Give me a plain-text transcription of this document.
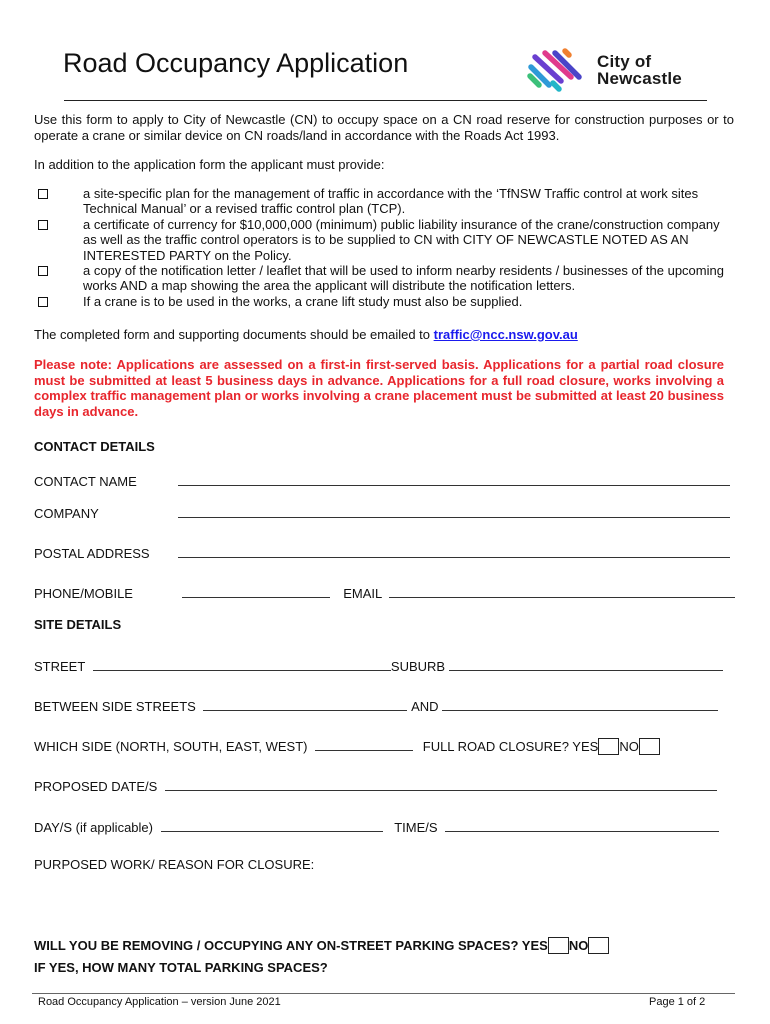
Road Occupancy Application	City of
Newcastle
Use this form to apply to City of Newcastle (CN) to occupy space on a CN road reserve for construction purposes or to operate a crane or similar device on CN roads/land in accordance with the Roads Act 1993.
In addition to the application form the applicant must provide:
a site-specific plan for the management of traffic in accordance with the ‘TfNSW Traffic control at work sites Technical Manual’ or a revised traffic control plan (TCP).
a certificate of currency for $10,000,000 (minimum) public liability insurance of the crane/construction company as well as the traffic control operators is to be supplied to CN with CITY OF NEWCASTLE NOTED AS AN INTERESTED PARTY on the Policy.
a copy of the notification letter / leaflet that will be used to inform nearby residents / businesses of the upcoming works AND a map showing the area the applicant will distribute the notification letters.
If a crane is to be used in the works, a crane lift study must also be supplied.
The completed form and supporting documents should be emailed to traffic@ncc.nsw.gov.au
Please note: Applications are assessed on a first-in first-served basis. Applications for a partial road closure must be submitted at least 5 business days in advance. Applications for a full road closure, works involving a complex traffic management plan or works involving a crane placement must be submitted at least 20 business days in advance.
CONTACT DETAILS
CONTACT NAME
COMPANY
POSTAL ADDRESS
PHONE/MOBILE	EMAIL
SITE DETAILS
STREET	SUBURB
BETWEEN SIDE STREETS	AND
WHICH SIDE (NORTH, SOUTH, EAST, WEST)	FULL ROAD CLOSURE? YES NO
PROPOSED DATE/S
DAY/S (if applicable)	TIME/S
PURPOSED WORK/ REASON FOR CLOSURE:
WILL YOU BE REMOVING / OCCUPYING ANY ON-STREET PARKING SPACES? YES NO
IF YES, HOW MANY TOTAL PARKING SPACES?
Road Occupancy Application – version June 2021	Page 1 of 2
